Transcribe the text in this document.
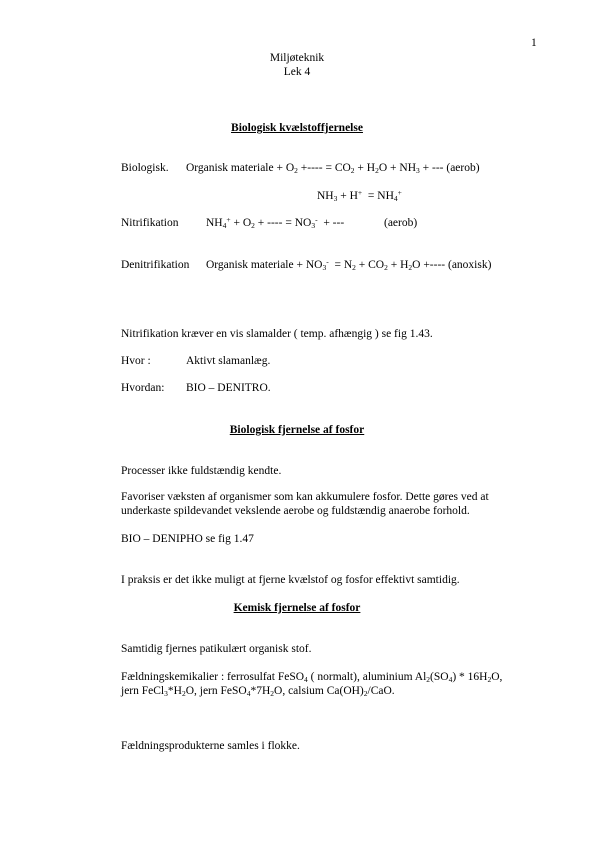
1
Miljøteknik
Lek 4
Biologisk kvælstoffjernelse
Biologisk. Organisk materiale + $O_2$ +---- = $CO_2 + H_2O + NH_3$ + --- (aerob)
$NH_3 + H^+ = NH_4^+$
Nitrifikation $NH_4^+ + O_2$ + ---- = $NO_3^-$  + ---	(aerob)
Denitrifikation Organisk materiale + $NO_3^- = N_2 + CO_2 + H_2O$ +---- (anoxisk)
Nitrifikation kræver en vis slamalder ( temp. afhængig ) se fig 1.43.
Hvor :	Aktivt slamanlæg.
Hvordan: BIO – DENITRO.
Biologisk fjernelse af fosfor
Processer ikke fuldstændig kendte.
Favoriser væksten af organismer som kan akkumulere fosfor. Dette gøres ved at
underkaste spildevandet vekslende aerobe og fuldstændig anaerobe forhold.
BIO – DENIPHO se fig 1.47
I praksis er det ikke muligt at fjerne kvælstof og fosfor effektivt samtidig.
Kemisk fjernelse af fosfor
Samtidig fjernes patikulært organisk stof.
Fældningskemikalier : ferrosulfat FeSO$_4$ ( normalt), aluminium $Al_2(SO_4) * 16H_2O$,
jern $FeCl_3*H_2O$, jern $FeSO_4*7H_2O$, calsium $Ca(OH)_2$/CaO.
Fældningsprodukterne samles i flokke.
